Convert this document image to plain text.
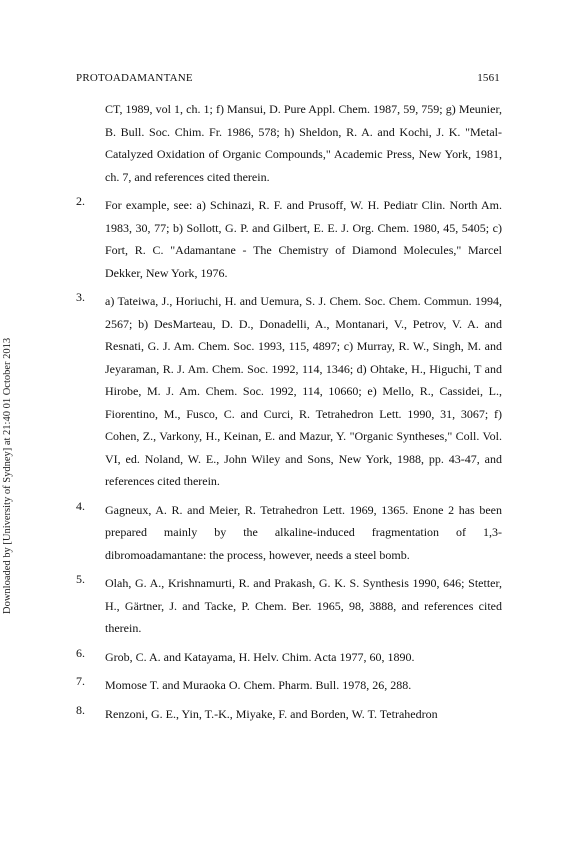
PROTOADAMANTANE	1561
Downloaded by [University of Sydney] at 21:40 01 October 2013
CT, 1989, vol 1, ch. 1; f) Mansui, D. Pure Appl. Chem. 1987, 59, 759; g) Meunier, B. Bull. Soc. Chim. Fr. 1986, 578; h) Sheldon, R. A. and Kochi, J. K. "Metal-Catalyzed Oxidation of Organic Compounds," Academic Press, New York, 1981, ch. 7, and references cited therein.
2. For example, see: a) Schinazi, R. F. and Prusoff, W. H. Pediatr Clin. North Am. 1983, 30, 77; b) Sollott, G. P. and Gilbert, E. E. J. Org. Chem. 1980, 45, 5405; c) Fort, R. C. "Adamantane - The Chemistry of Diamond Molecules," Marcel Dekker, New York, 1976.
3. a) Tateiwa, J., Horiuchi, H. and Uemura, S. J. Chem. Soc. Chem. Commun. 1994, 2567; b) DesMarteau, D. D., Donadelli, A., Montanari, V., Petrov, V. A. and Resnati, G. J. Am. Chem. Soc. 1993, 115, 4897; c) Murray, R. W., Singh, M. and Jeyaraman, R. J. Am. Chem. Soc. 1992, 114, 1346; d) Ohtake, H., Higuchi, T and Hirobe, M. J. Am. Chem. Soc. 1992, 114, 10660; e) Mello, R., Cassidei, L., Fiorentino, M., Fusco, C. and Curci, R. Tetrahedron Lett. 1990, 31, 3067; f) Cohen, Z., Varkony, H., Keinan, E. and Mazur, Y. "Organic Syntheses," Coll. Vol. VI, ed. Noland, W. E., John Wiley and Sons, New York, 1988, pp. 43-47, and references cited therein.
4. Gagneux, A. R. and Meier, R. Tetrahedron Lett. 1969, 1365. Enone 2 has been prepared mainly by the alkaline-induced fragmentation of 1,3-dibromoadamantane: the process, however, needs a steel bomb.
5. Olah, G. A., Krishnamurti, R. and Prakash, G. K. S. Synthesis 1990, 646; Stetter, H., Gärtner, J. and Tacke, P. Chem. Ber. 1965, 98, 3888, and references cited therein.
6. Grob, C. A. and Katayama, H. Helv. Chim. Acta 1977, 60, 1890.
7. Momose T. and Muraoka O. Chem. Pharm. Bull. 1978, 26, 288.
8. Renzoni, G. E., Yin, T.-K., Miyake, F. and Borden, W. T. Tetrahedron
